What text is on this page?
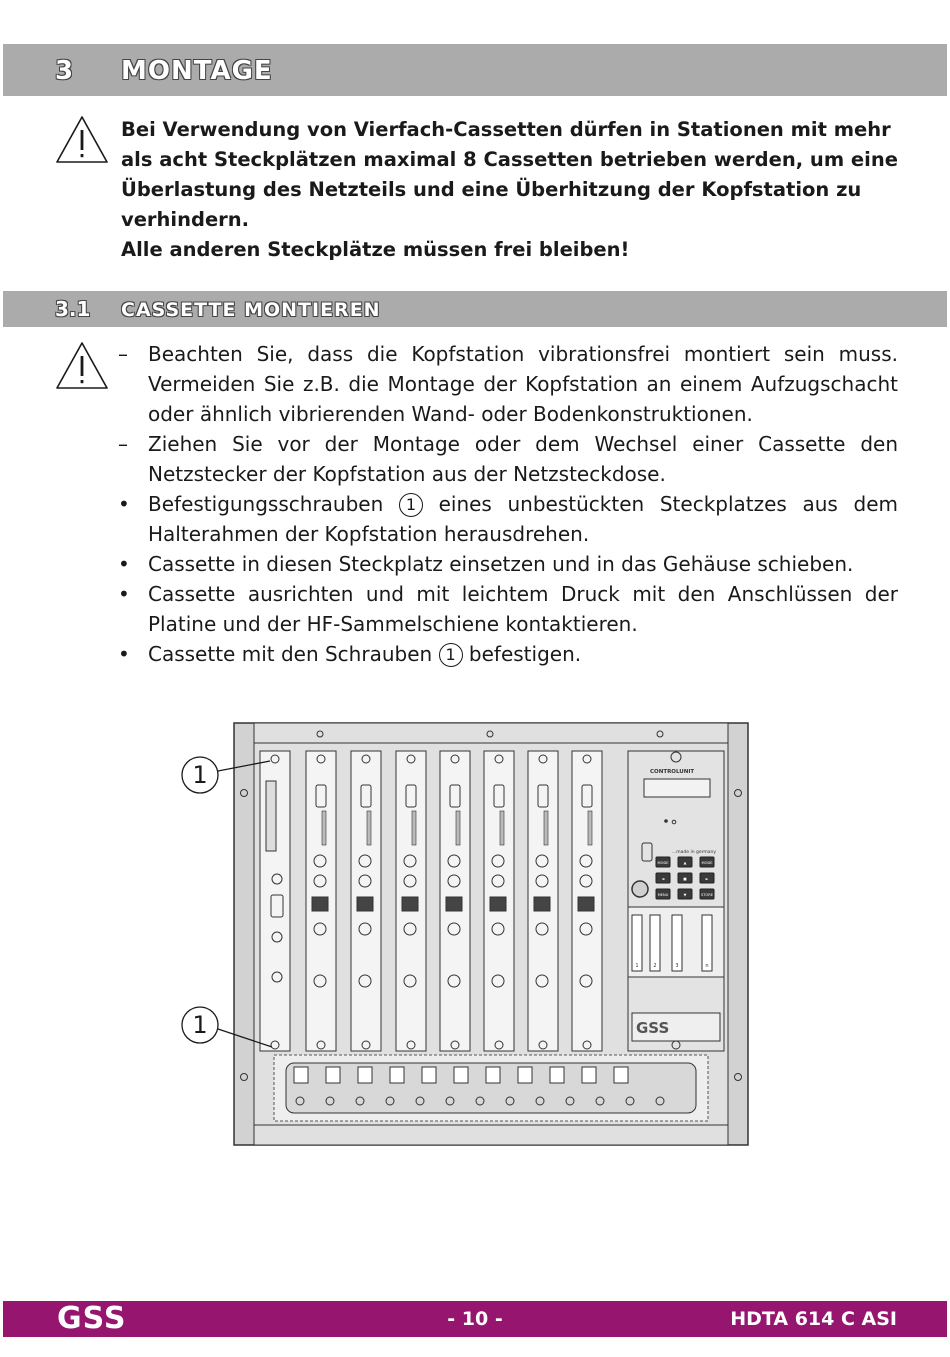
3 MONTAGE

Bei Verwendung von Vierfach-Cassetten dürfen in Stationen mit mehr als acht Steckplätzen maximal 8 Cassetten betrieben werden, um eine Überlastung des Netzteils und eine Überhitzung der Kopfstation zu verhindern.

Alle anderen Steckplätze müssen frei bleiben!

3.1 CASSETTE MONTIEREN
–	Beachten Sie, dass die Kopfstation vibrationsfrei montiert sein muss. Vermeiden Sie z.B. die Montage der Kopfstation an einem Aufzugschacht oder ähnlich vibrierenden Wand- oder Bodenkonstruktionen.
–	Ziehen Sie vor der Montage oder dem Wechsel einer Cassette den Netzstecker der Kopfstation aus der Netzsteckdose.
• Befestigungsschrauben 1 eines unbestückten Steckplatzes aus dem Halterahmen der Kopfstation herausdrehen.
• Cassette in diesen Steckplatz einsetzen und in das Gehäuse schieben.
• Cassette ausrichten und mit leichtem Druck mit den Anschlüssen der Platine und der HF-Sammelschiene kontaktieren.
• Cassette mit den Schrauben 1 befestigen.
CONTROLUNIT
...made in germany
MODE	▲	MODE
◄	■	►
MENU	▼	STORE
1	2	3	n
GSS
1
1
GSS	- 10 -	HDTA 614 C ASI
